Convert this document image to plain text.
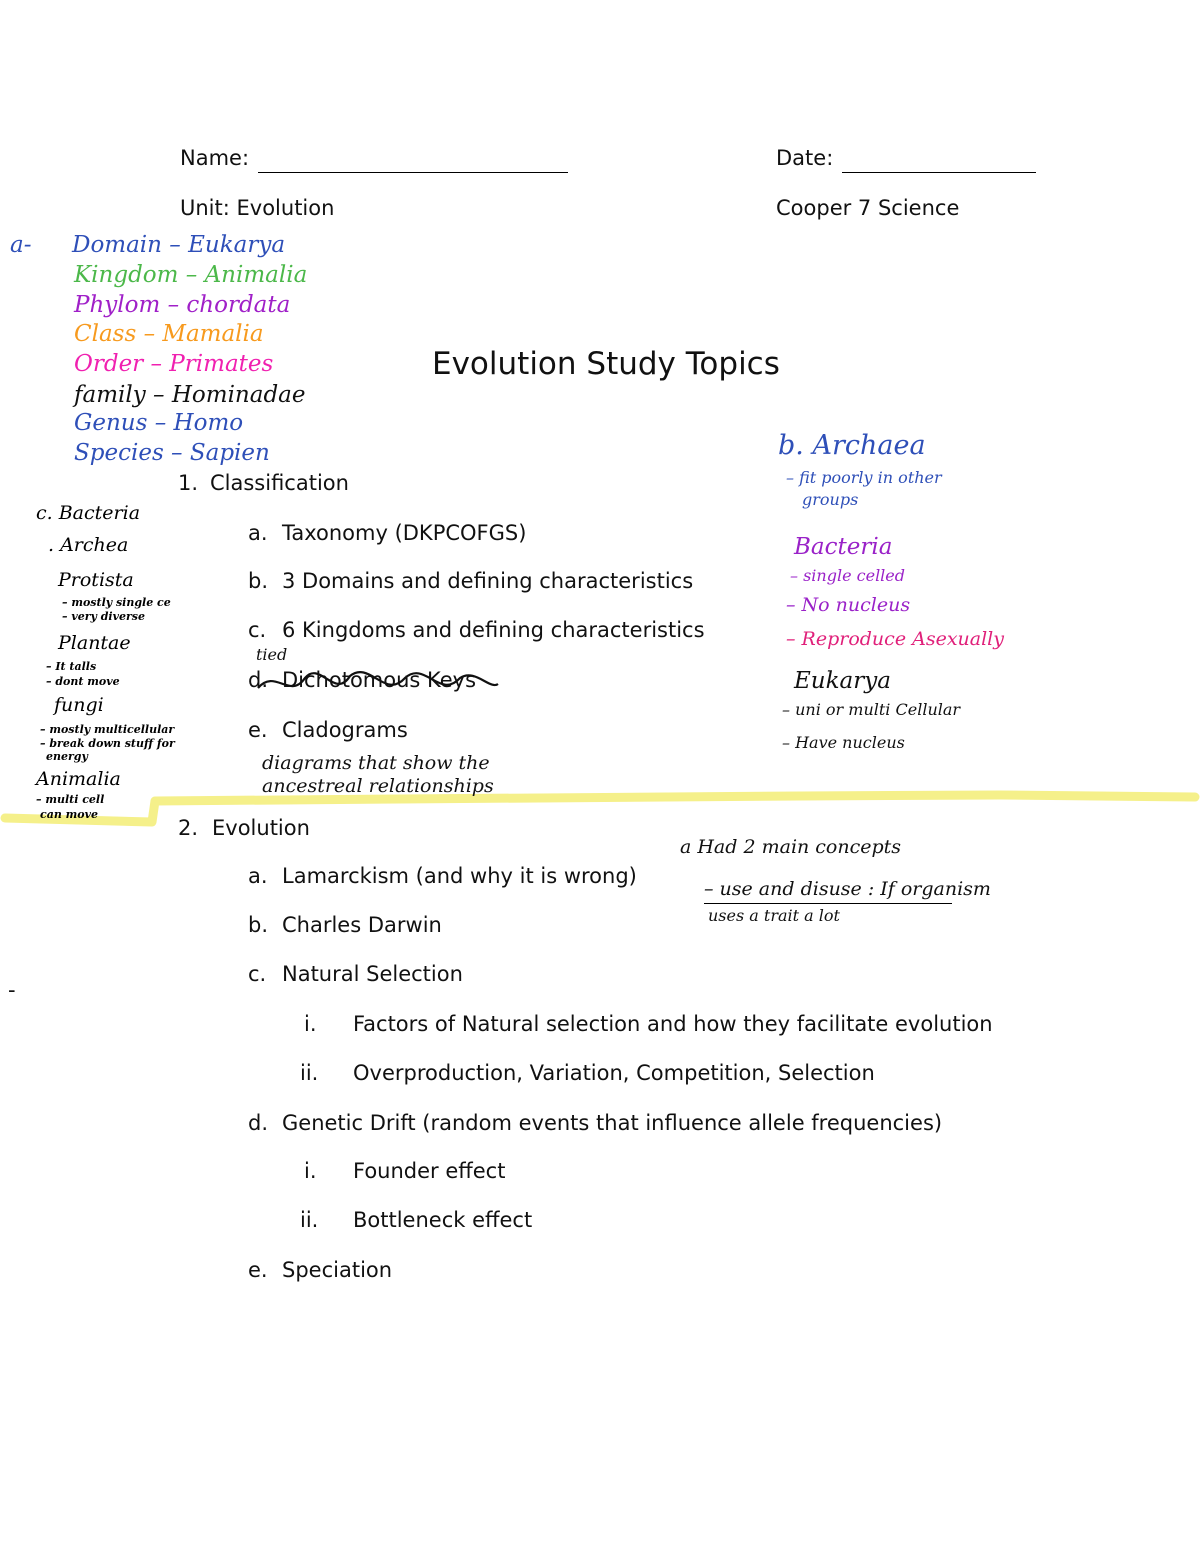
Name:	Date:
Unit: Evolution	Cooper 7 Science
Evolution Study Topics
1. Classification
a. Taxonomy (DKPCOFGS)
b. 3 Domains and defining characteristics
c. 6 Kingdoms and defining characteristics
d. Dichotomous Keys
e. Cladograms
2. Evolution
a. Lamarckism (and why it is wrong)
b. Charles Darwin
c. Natural Selection
i. Factors of Natural selection and how they facilitate evolution
ii. Overproduction, Variation, Competition, Selection
d. Genetic Drift (random events that influence allele frequencies)
i. Founder effect
ii. Bottleneck effect
e. Speciation
a- Domain – Eukarya
Kingdom – Animalia
Phylom – chordata
Class – Mamalia
Order – Primates
family – Hominadae
Genus – Homo
Species – Sapien
c. Bacteria
. Archea
Protista
– mostly single ce
– very diverse
Plantae
– It talls
– dont move
fungi
– mostly multicellular
– break down stuff for
energy
Animalia
– multi cell
can move
b. Archaea
– fit poorly in other
groups
Bacteria
– single celled
– No nucleus
– Reproduce Asexually
Eukarya
– uni or multi Cellular
– Have nucleus
tied
diagrams that show the
ancestreal relationships
a Had 2 main concepts
– use and disuse : If organism
uses a trait a lot
-
